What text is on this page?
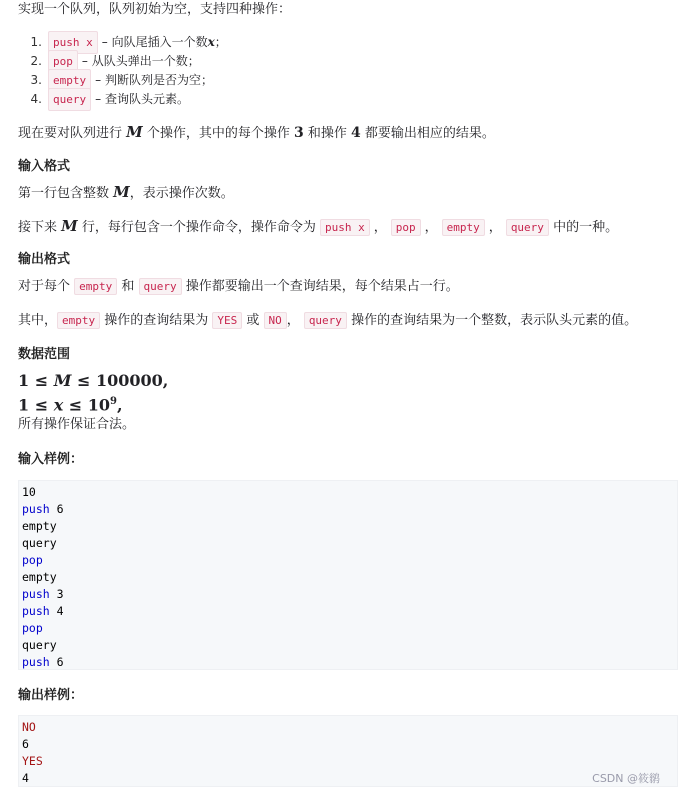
实现一个队列，队列初始为空，支持四种操作：

1.	push x – 向队尾插入一个数 x ；
2.	pop – 从队头弹出一个数；
3.	empty – 判断队列是否为空；
4.	query – 查询队头元素。

现在要对队列进行 M 个操作，其中的每个操作 3 和操作 4 都要输出相应的结果。

输入格式

第一行包含整数 M，表示操作次数。

接下来 M 行，每行包含一个操作命令，操作命令为 push x ， pop ， empty ， query 中的一种。

输出格式

对于每个 empty 和 query 操作都要输出一个查询结果，每个结果占一行。

其中， empty 操作的查询结果为 YES 或 NO ， query 操作的查询结果为一个整数，表示队头元素的值。

数据范围

1 ≤ M ≤ 100000,

$1 \le x \le 10^9$,

所有操作保证合法。

输入样例：
10
push 6
empty
query
pop
empty
push 3
push 4
pop
query
push 6
输出样例：
NO
6
YES
4	CSDN @筱鹟
